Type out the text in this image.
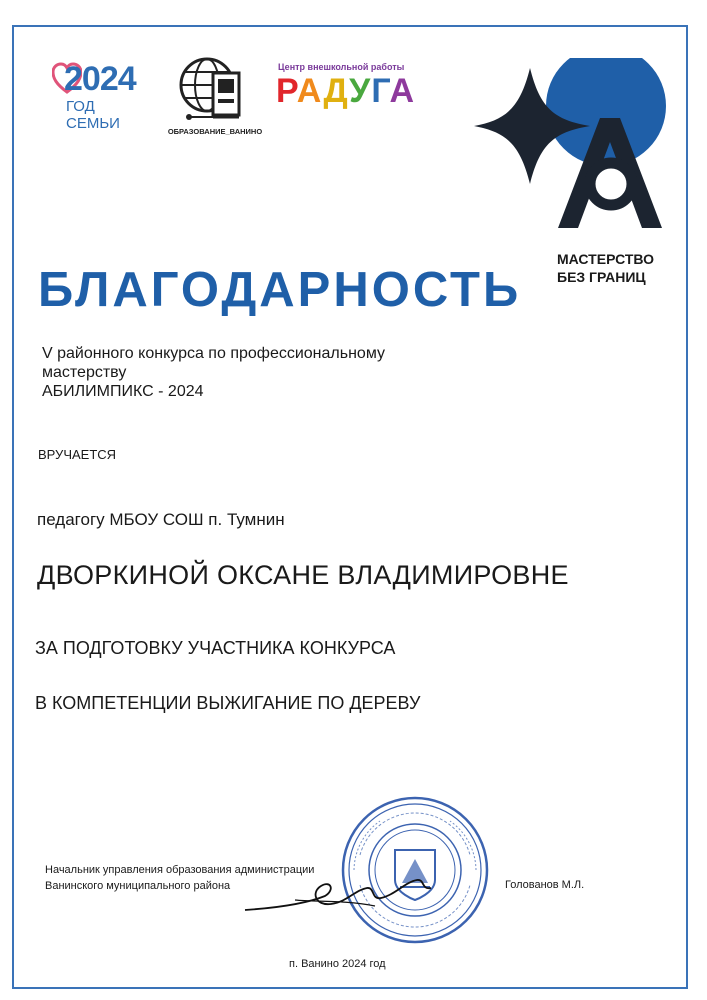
2024
ГОД СЕМЬИ	ОБРАЗОВАНИЕ_ВАНИНО
Центр внешкольной работы
РАДУГА
МАСТЕРСТВО
БЕЗ ГРАНИЦ
БЛАГОДАРНОСТЬ
V районного конкурса по профессиональному
мастерству
АБИЛИМПИКС - 2024
ВРУЧАЕТСЯ
педагогу МБОУ СОШ п. Тумнин
ДВОРКИНОЙ ОКСАНЕ ВЛАДИМИРОВНЕ
ЗА ПОДГОТОВКУ УЧАСТНИКА КОНКУРСА
В КОМПЕТЕНЦИИ ВЫЖИГАНИЕ ПО ДЕРЕВУ
Начальник управления образования администрации
Ванинского муниципального района	Голованов М.Л.
п. Ванино 2024 год
